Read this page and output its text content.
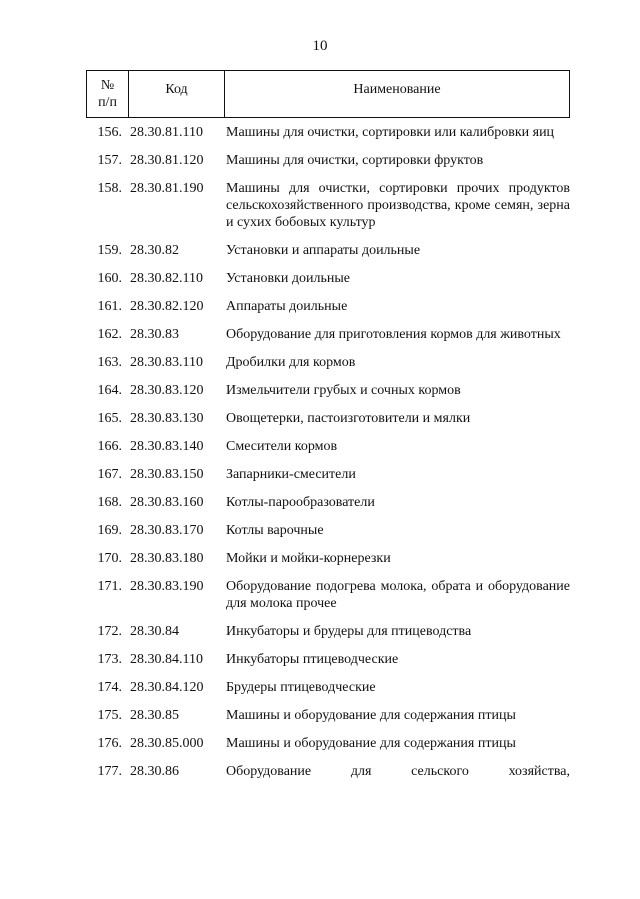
10
№
п/п
Код	Наименование
156. 28.30.81.110	Машины для очистки, сортировки или калибровки яиц
157. 28.30.81.120	Машины для очистки, сортировки фруктов
158. 28.30.81.190	Машины для очистки, сортировки прочих продуктов сельскохозяйственного производства, кроме семян, зерна и сухих бобовых культур
159. 28.30.82	Установки и аппараты доильные
160. 28.30.82.110	Установки доильные
161. 28.30.82.120	Аппараты доильные
162. 28.30.83	Оборудование для приготовления кормов для животных
163. 28.30.83.110	Дробилки для кормов
164. 28.30.83.120	Измельчители грубых и сочных кормов
165. 28.30.83.130	Овощетерки, пастоизготовители и мялки
166. 28.30.83.140	Смесители кормов
167. 28.30.83.150	Запарники-смесители
168. 28.30.83.160	Котлы-парообразователи
169. 28.30.83.170	Котлы варочные
170. 28.30.83.180	Мойки и мойки-корнерезки
171. 28.30.83.190	Оборудование подогрева молока, обрата и оборудование для молока прочее
172. 28.30.84	Инкубаторы и брудеры для птицеводства
173. 28.30.84.110	Инкубаторы птицеводческие
174. 28.30.84.120	Брудеры птицеводческие
175. 28.30.85	Машины и оборудование для содержания птицы
176. 28.30.85.000	Машины и оборудование для содержания птицы
177. 28.30.86	Оборудование для сельского хозяйства,
